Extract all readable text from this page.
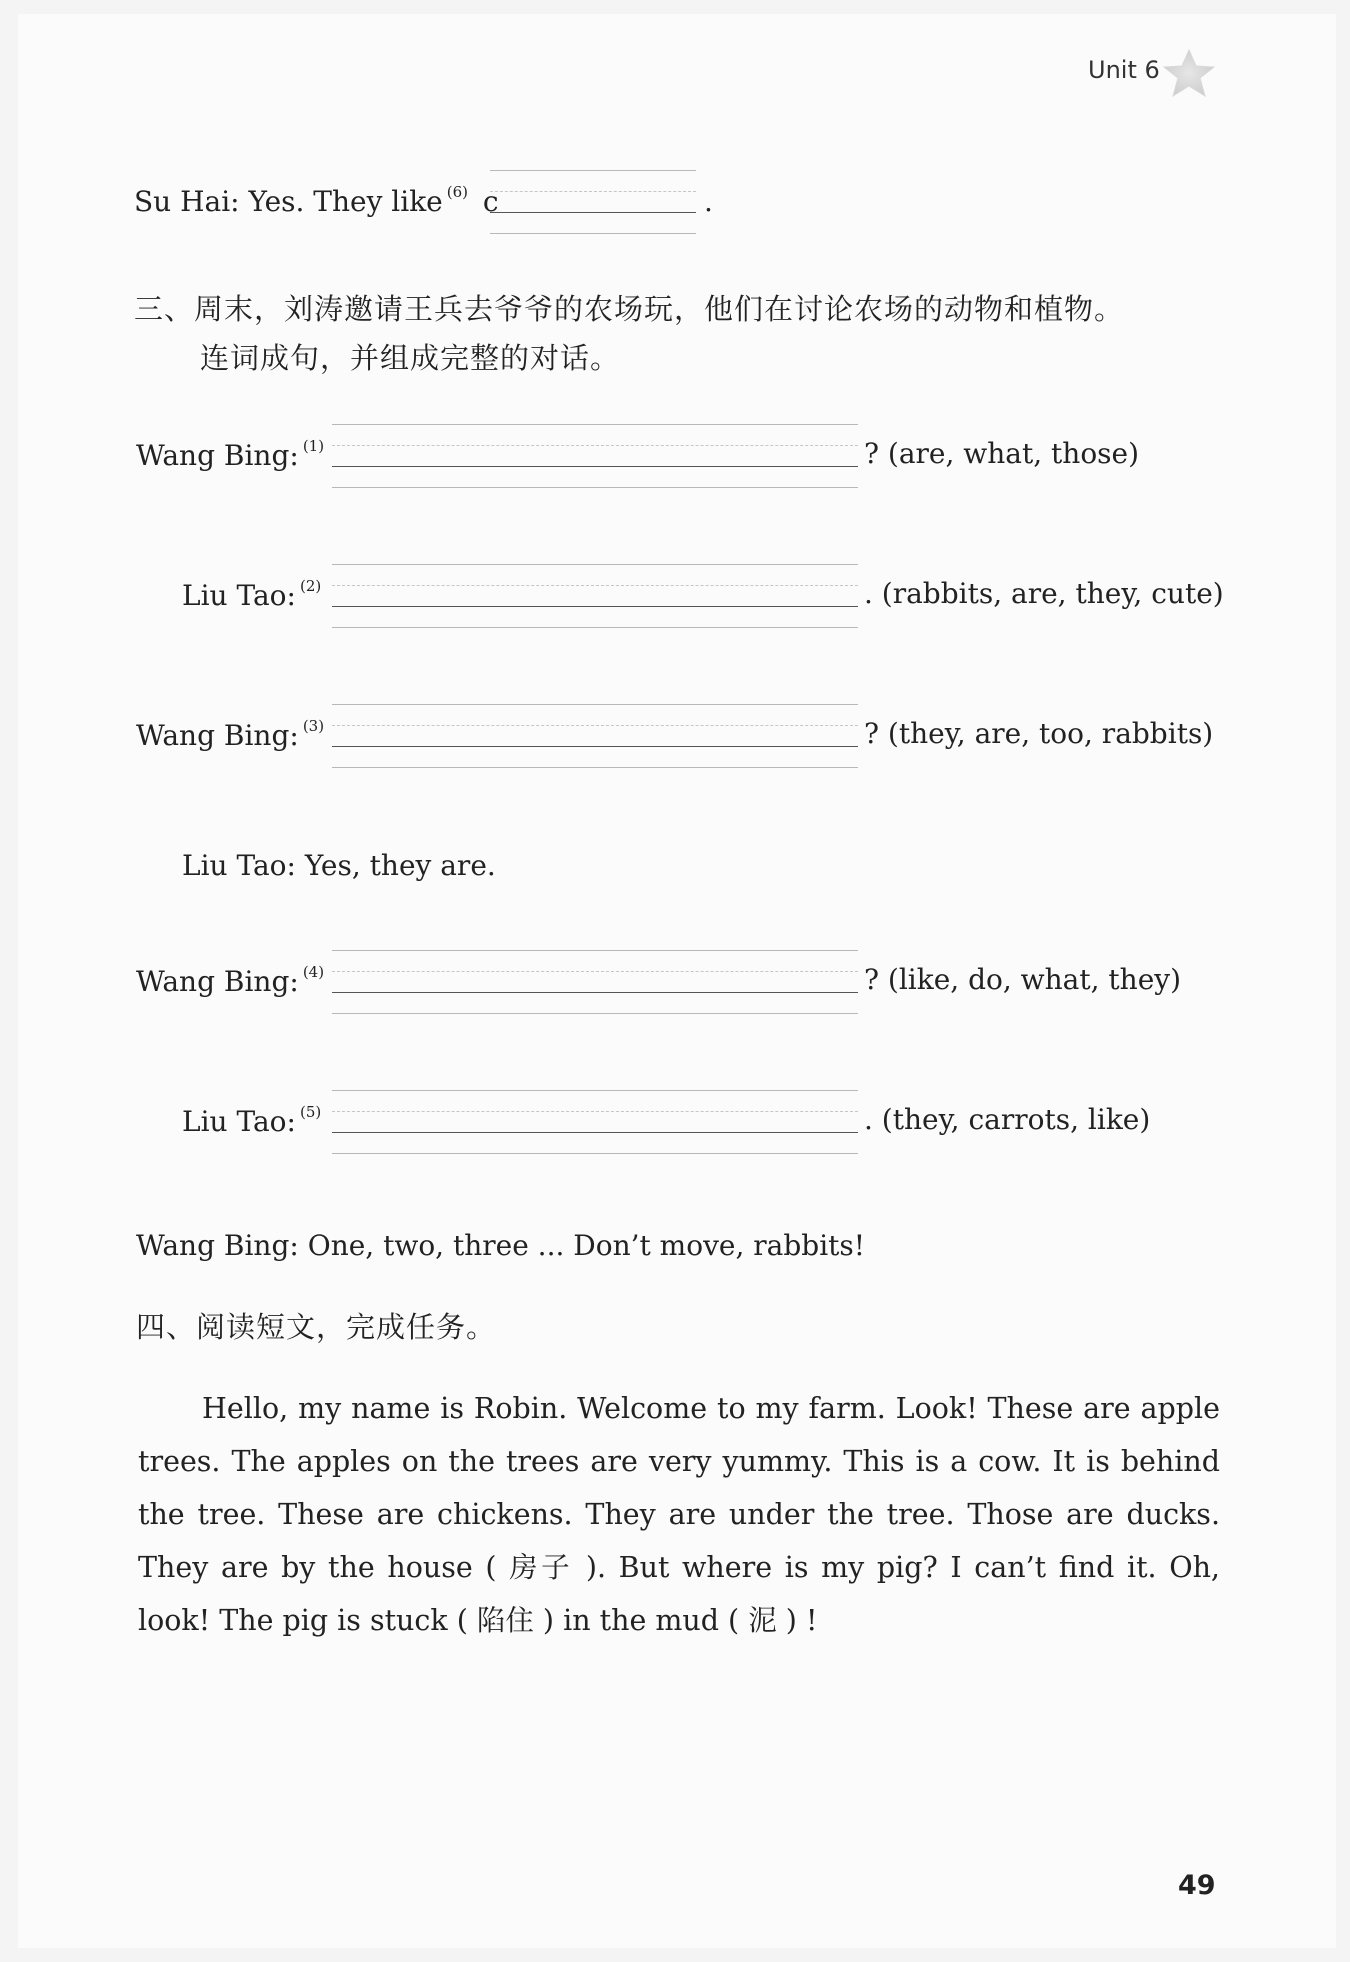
Unit 6
Su Hai: Yes. They like $^{(6)}$ c	.
三、周末，刘涛邀请王兵去爷爷的农场玩，他们在讨论农场的动物和植物。
连词成句，并组成完整的对话。
Wang Bing: $^{(1)}$	? (are, what, those)
Liu Tao: $^{(2)}$	. (rabbits, are, they, cute)
Wang Bing: $^{(3)}$	? (they, are, too, rabbits)
Liu Tao: Yes, they are.
Wang Bing: $^{(4)}$	? (like, do, what, they)
Liu Tao: $^{(5)}$	. (they, carrots, like)
Wang Bing: One, two, three ... Don’t move, rabbits!
四、阅读短文，完成任务。

Hello, my name is Robin. Welcome to my farm. Look! These are apple trees. The apples on the trees are very yummy. This is a cow. It is behind the tree. These are chickens. They are under the tree. Those are ducks. They are by the house ( 房子 ). But where is my pig? I can’t find it. Oh, look! The pig is stuck ( 陷住 ) in the mud ( 泥 ) !

49
